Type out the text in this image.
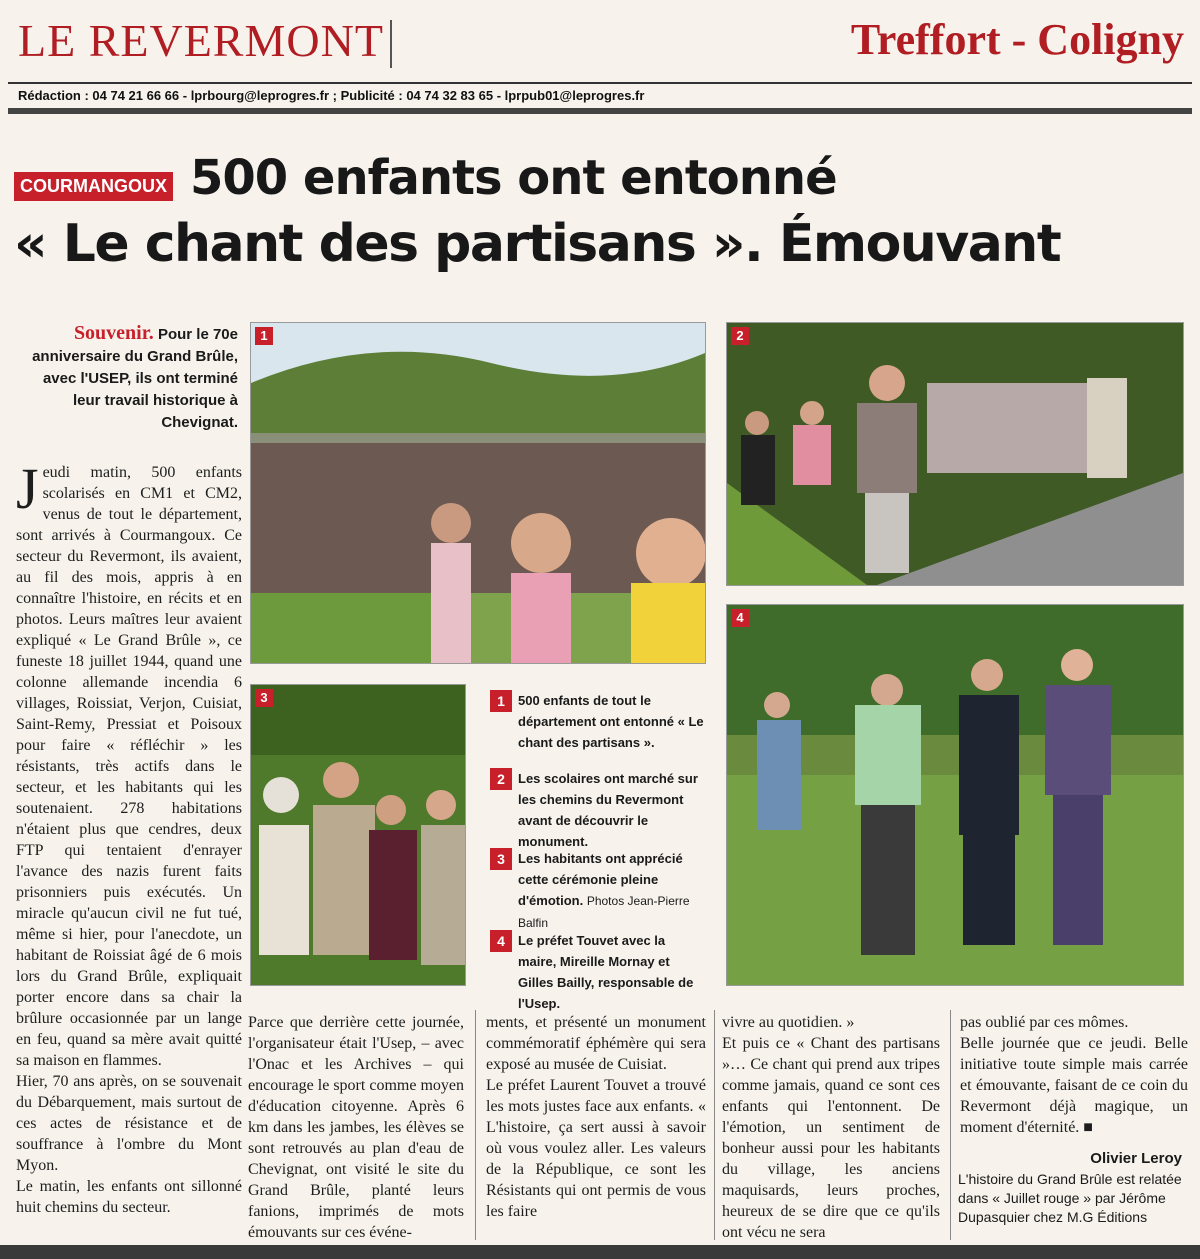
LE REVERMONT	Treffort - Coligny
Rédaction : 04 74 21 66 66 - lprbourg@leprogres.fr ; Publicité : 04 74 32 83 65 - lprpub01@leprogres.fr
COURMANGOUX 500 enfants ont entonné
« Le chant des partisans ». Émouvant
Souvenir. Pour le 70e anniversaire du Grand Brûle, avec l'USEP, ils ont terminé leur travail historique à Chevignat.
Jeudi matin, 500 enfants scolarisés en CM1 et CM2, venus de tout le département, sont arrivés à Courmangoux. Ce secteur du Revermont, ils avaient, au fil des mois, appris à en connaître l'histoire, en récits et en photos. Leurs maîtres leur avaient expliqué « Le Grand Brûle », ce funeste 18 juillet 1944, quand une colonne allemande incendia 6 villages, Roissiat, Verjon, Cuisiat, Saint-Remy, Pressiat et Poisoux pour faire « réfléchir » les résistants, très actifs dans le secteur, et les habitants qui les soutenaient. 278 habitations n'étaient plus que cendres, deux FTP qui tentaient d'enrayer l'avance des nazis furent faits prisonniers puis exécutés. Un miracle qu'aucun civil ne fut tué, même si hier, pour l'anecdote, un habitant de Roissiat âgé de 6 mois lors du Grand Brûle, expliquait porter encore dans sa chair la brûlure occasionnée par un lange en feu, quand sa mère avait quitté sa maison en flammes.
Hier, 70 ans après, on se souvenait du Débarquement, mais surtout de ces actes de résistance et de souffrance à l'ombre du Mont Myon.
Le matin, les enfants ont sillonné huit chemins du secteur.
1	2
3
4
1 500 enfants de tout le département ont entonné « Le chant des partisans ».
2 Les scolaires ont marché sur les chemins du Revermont avant de découvrir le monument.
3 Les habitants ont apprécié cette cérémonie pleine d'émotion. Photos Jean-Pierre Balfin
4 Le préfet Touvet avec la maire, Mireille Mornay et Gilles Bailly, responsable de l'Usep.
Parce que derrière cette journée, l'organisateur était l'Usep, – avec l'Onac et les Archives – qui encourage le sport comme moyen d'éducation citoyenne. Après 6 km dans les jambes, les élèves se sont retrouvés au plan d'eau de Chevignat, ont visité le site du Grand Brûle, planté leurs fanions, imprimés de mots émouvants sur ces événe-
ments, et présenté un monument commémoratif éphémère qui sera exposé au musée de Cuisiat.
Le préfet Laurent Touvet a trouvé les mots justes face aux enfants. « L'histoire, ça sert aussi à savoir où vous voulez aller. Les valeurs de la République, ce sont les Résistants qui ont permis de vous les faire
vivre au quotidien. »
Et puis ce « Chant des partisans »… Ce chant qui prend aux tripes comme jamais, quand ce sont ces enfants qui l'entonnent. De l'émotion, un sentiment de bonheur aussi pour les habitants du village, les anciens maquisards, leurs proches, heureux de se dire que ce qu'ils ont vécu ne sera
pas oublié par ces mômes.
Belle journée que ce jeudi. Belle initiative toute simple mais carrée et émouvante, faisant de ce coin du Revermont déjà magique, un moment d'éternité. ■
Olivier Leroy
L'histoire du Grand Brûle est relatée dans « Juillet rouge » par Jérôme Dupasquier chez M.G Éditions
